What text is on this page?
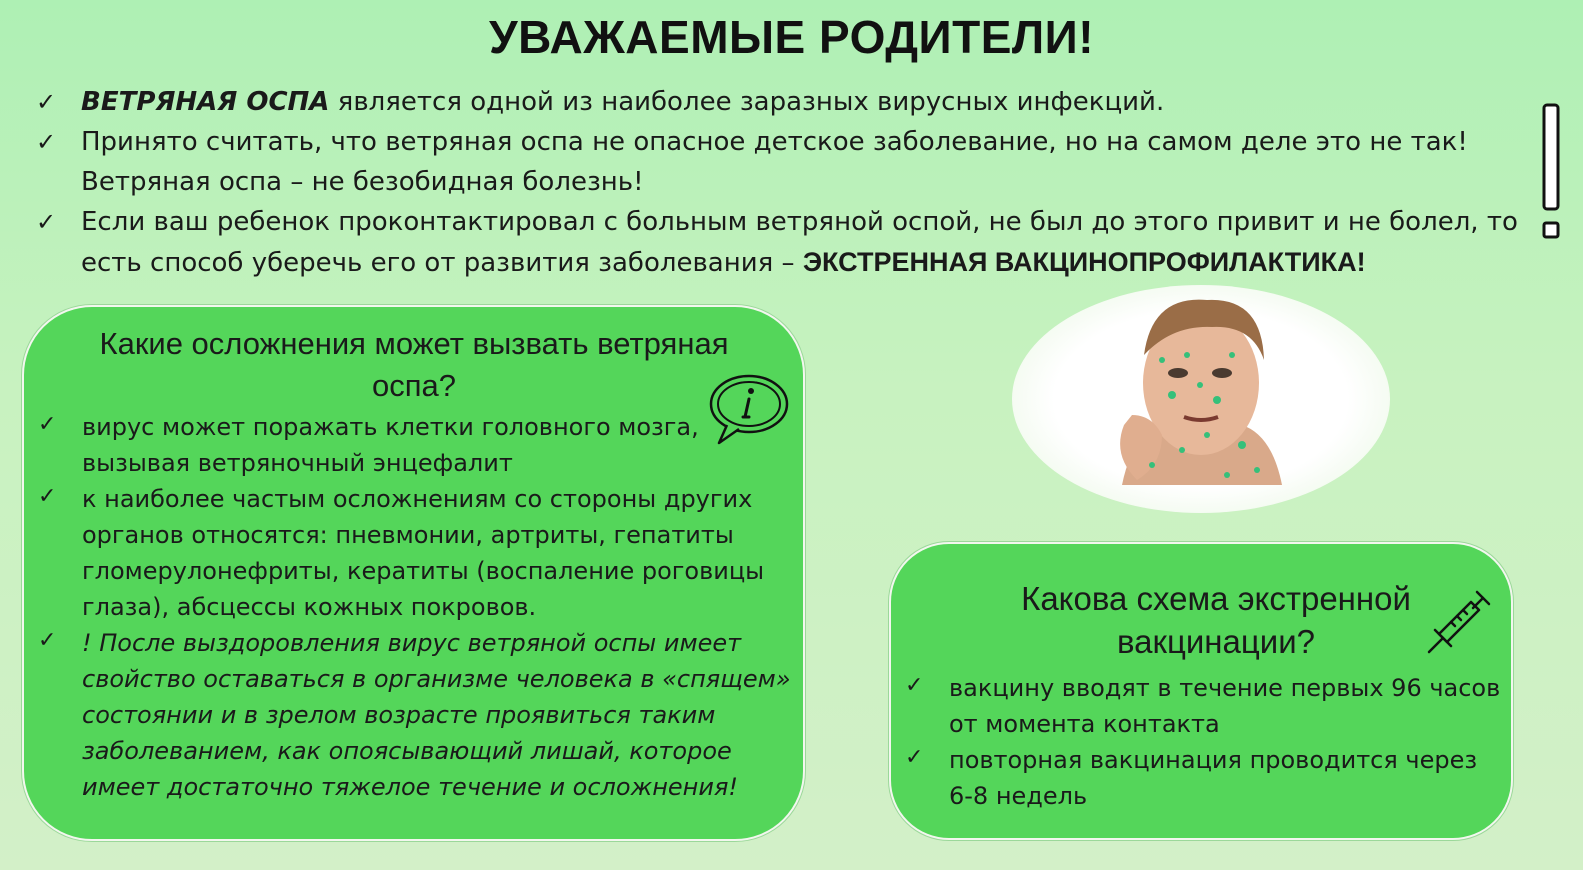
УВАЖАЕМЫЕ РОДИТЕЛИ!
✓ ВЕТРЯНАЯ ОСПА является одной из наиболее заразных вирусных инфекций.
✓ Принято считать, что ветряная оспа не опасное детское заболевание, но на самом деле это не так! Ветряная оспа – не безобидная болезнь!
✓ Если ваш ребенок проконтактировал с больным ветряной оспой, не был до этого привит и не болел, то есть способ уберечь его от развития заболевания – ЭКСТРЕННАЯ ВАКЦИНОПРОФИЛАКТИКА!
Какие осложнения может вызвать ветряная оспа?
✓ вирус может поражать клетки головного мозга, вызывая ветряночный энцефалит
✓ к наиболее частым осложнениям со стороны других органов относятся: пневмонии, артриты, гепатиты гломерулонефриты, кератиты (воспаление роговицы глаза), абсцессы кожных покровов.
✓ ! После выздоровления вирус ветряной оспы имеет свойство оставаться в организме человека в «спящем» состоянии и в зрелом возрасте проявиться таким заболеванием, как опоясывающий лишай, которое имеет достаточно тяжелое течение и осложнения!
Какова схема экстренной вакцинации?
✓ вакцину вводят в течение первых 96 часов от момента контакта
✓ повторная вакцинация проводится через 6-8 недель
